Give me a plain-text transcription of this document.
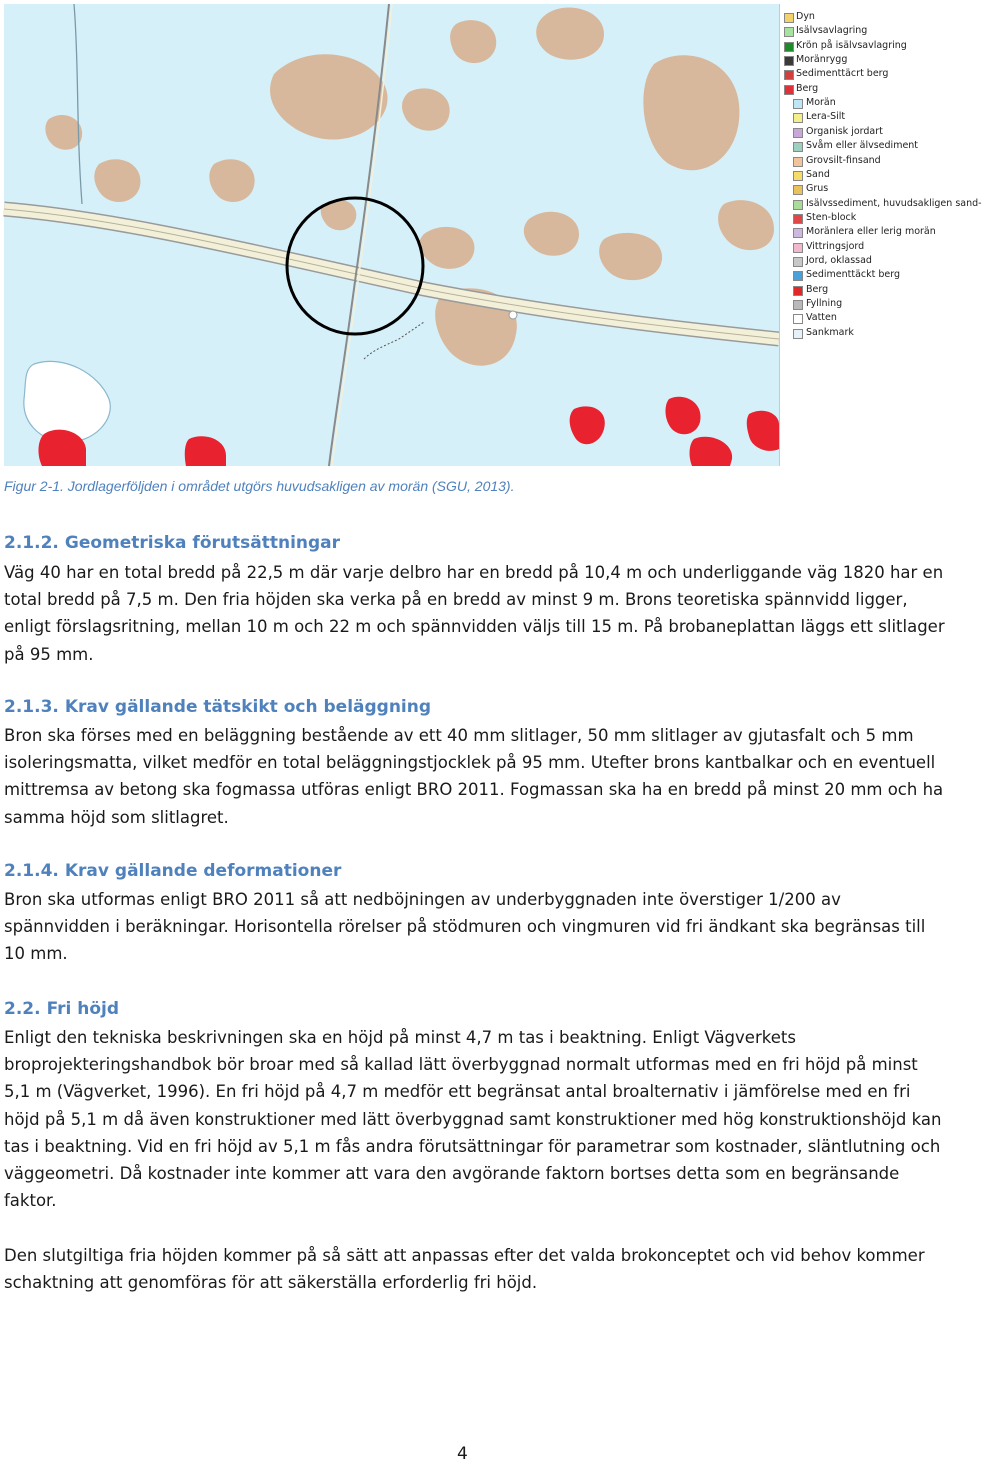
Dyn
Isälvsavlagring
Krön på isälvsavlagring
Moränrygg
Sedimenttäcrt berg
Berg
Morän
Lera-Silt
Organisk jordart
Svåm eller älvsediment
Grovsilt-finsand
Sand
Grus
Isälvssediment, huvudsakligen sand-
Sten-block
Moränlera eller lerig morän
Vittringsjord
Jord, oklassad
Sedimenttäckt berg
Berg
Fyllning
Vatten
Sankmark
Figur 2-1. Jordlagerföljden i området utgörs huvudsakligen av morän (SGU, 2013).
2.1.2. Geometriska förutsättningar
Väg 40 har en total bredd på 22,5 m där varje delbro har en bredd på 10,4 m och underliggande väg 1820 har en total bredd på 7,5 m. Den fria höjden ska verka på en bredd av minst 9 m. Brons teoretiska spännvidd ligger, enligt förslagsritning, mellan 10 m och 22 m och spännvidden väljs till 15 m. På brobaneplattan läggs ett slitlager på 95 mm.
2.1.3. Krav gällande tätskikt och beläggning
Bron ska förses med en beläggning bestående av ett 40 mm slitlager, 50 mm slitlager av gjutasfalt och 5 mm isoleringsmatta, vilket medför en total beläggningstjocklek på 95 mm. Utefter brons kantbalkar och en eventuell mittremsa av betong ska fogmassa utföras enligt BRO 2011. Fogmassan ska ha en bredd på minst 20 mm och ha samma höjd som slitlagret.
2.1.4. Krav gällande deformationer
Bron ska utformas enligt BRO 2011 så att nedböjningen av underbyggnaden inte överstiger 1/200 av spännvidden i beräkningar. Horisontella rörelser på stödmuren och vingmuren vid fri ändkant ska begränsas till 10 mm.
2.2. Fri höjd
Enligt den tekniska beskrivningen ska en höjd på minst 4,7 m tas i beaktning. Enligt Vägverkets broprojekteringshandbok bör broar med så kallad lätt överbyggnad normalt utformas med en fri höjd på minst 5,1 m (Vägverket, 1996). En fri höjd på 4,7 m medför ett begränsat antal broalternativ i jämförelse med en fri höjd på 5,1 m då även konstruktioner med lätt överbyggnad samt konstruktioner med hög konstruktionshöjd kan tas i beaktning. Vid en fri höjd av 5,1 m fås andra förutsättningar för parametrar som kostnader, släntlutning och väggeometri. Då kostnader inte kommer att vara den avgörande faktorn bortses detta som en begränsande faktor.
Den slutgiltiga fria höjden kommer på så sätt att anpassas efter det valda brokonceptet och vid behov kommer schaktning att genomföras för att säkerställa erforderlig fri höjd.
4
